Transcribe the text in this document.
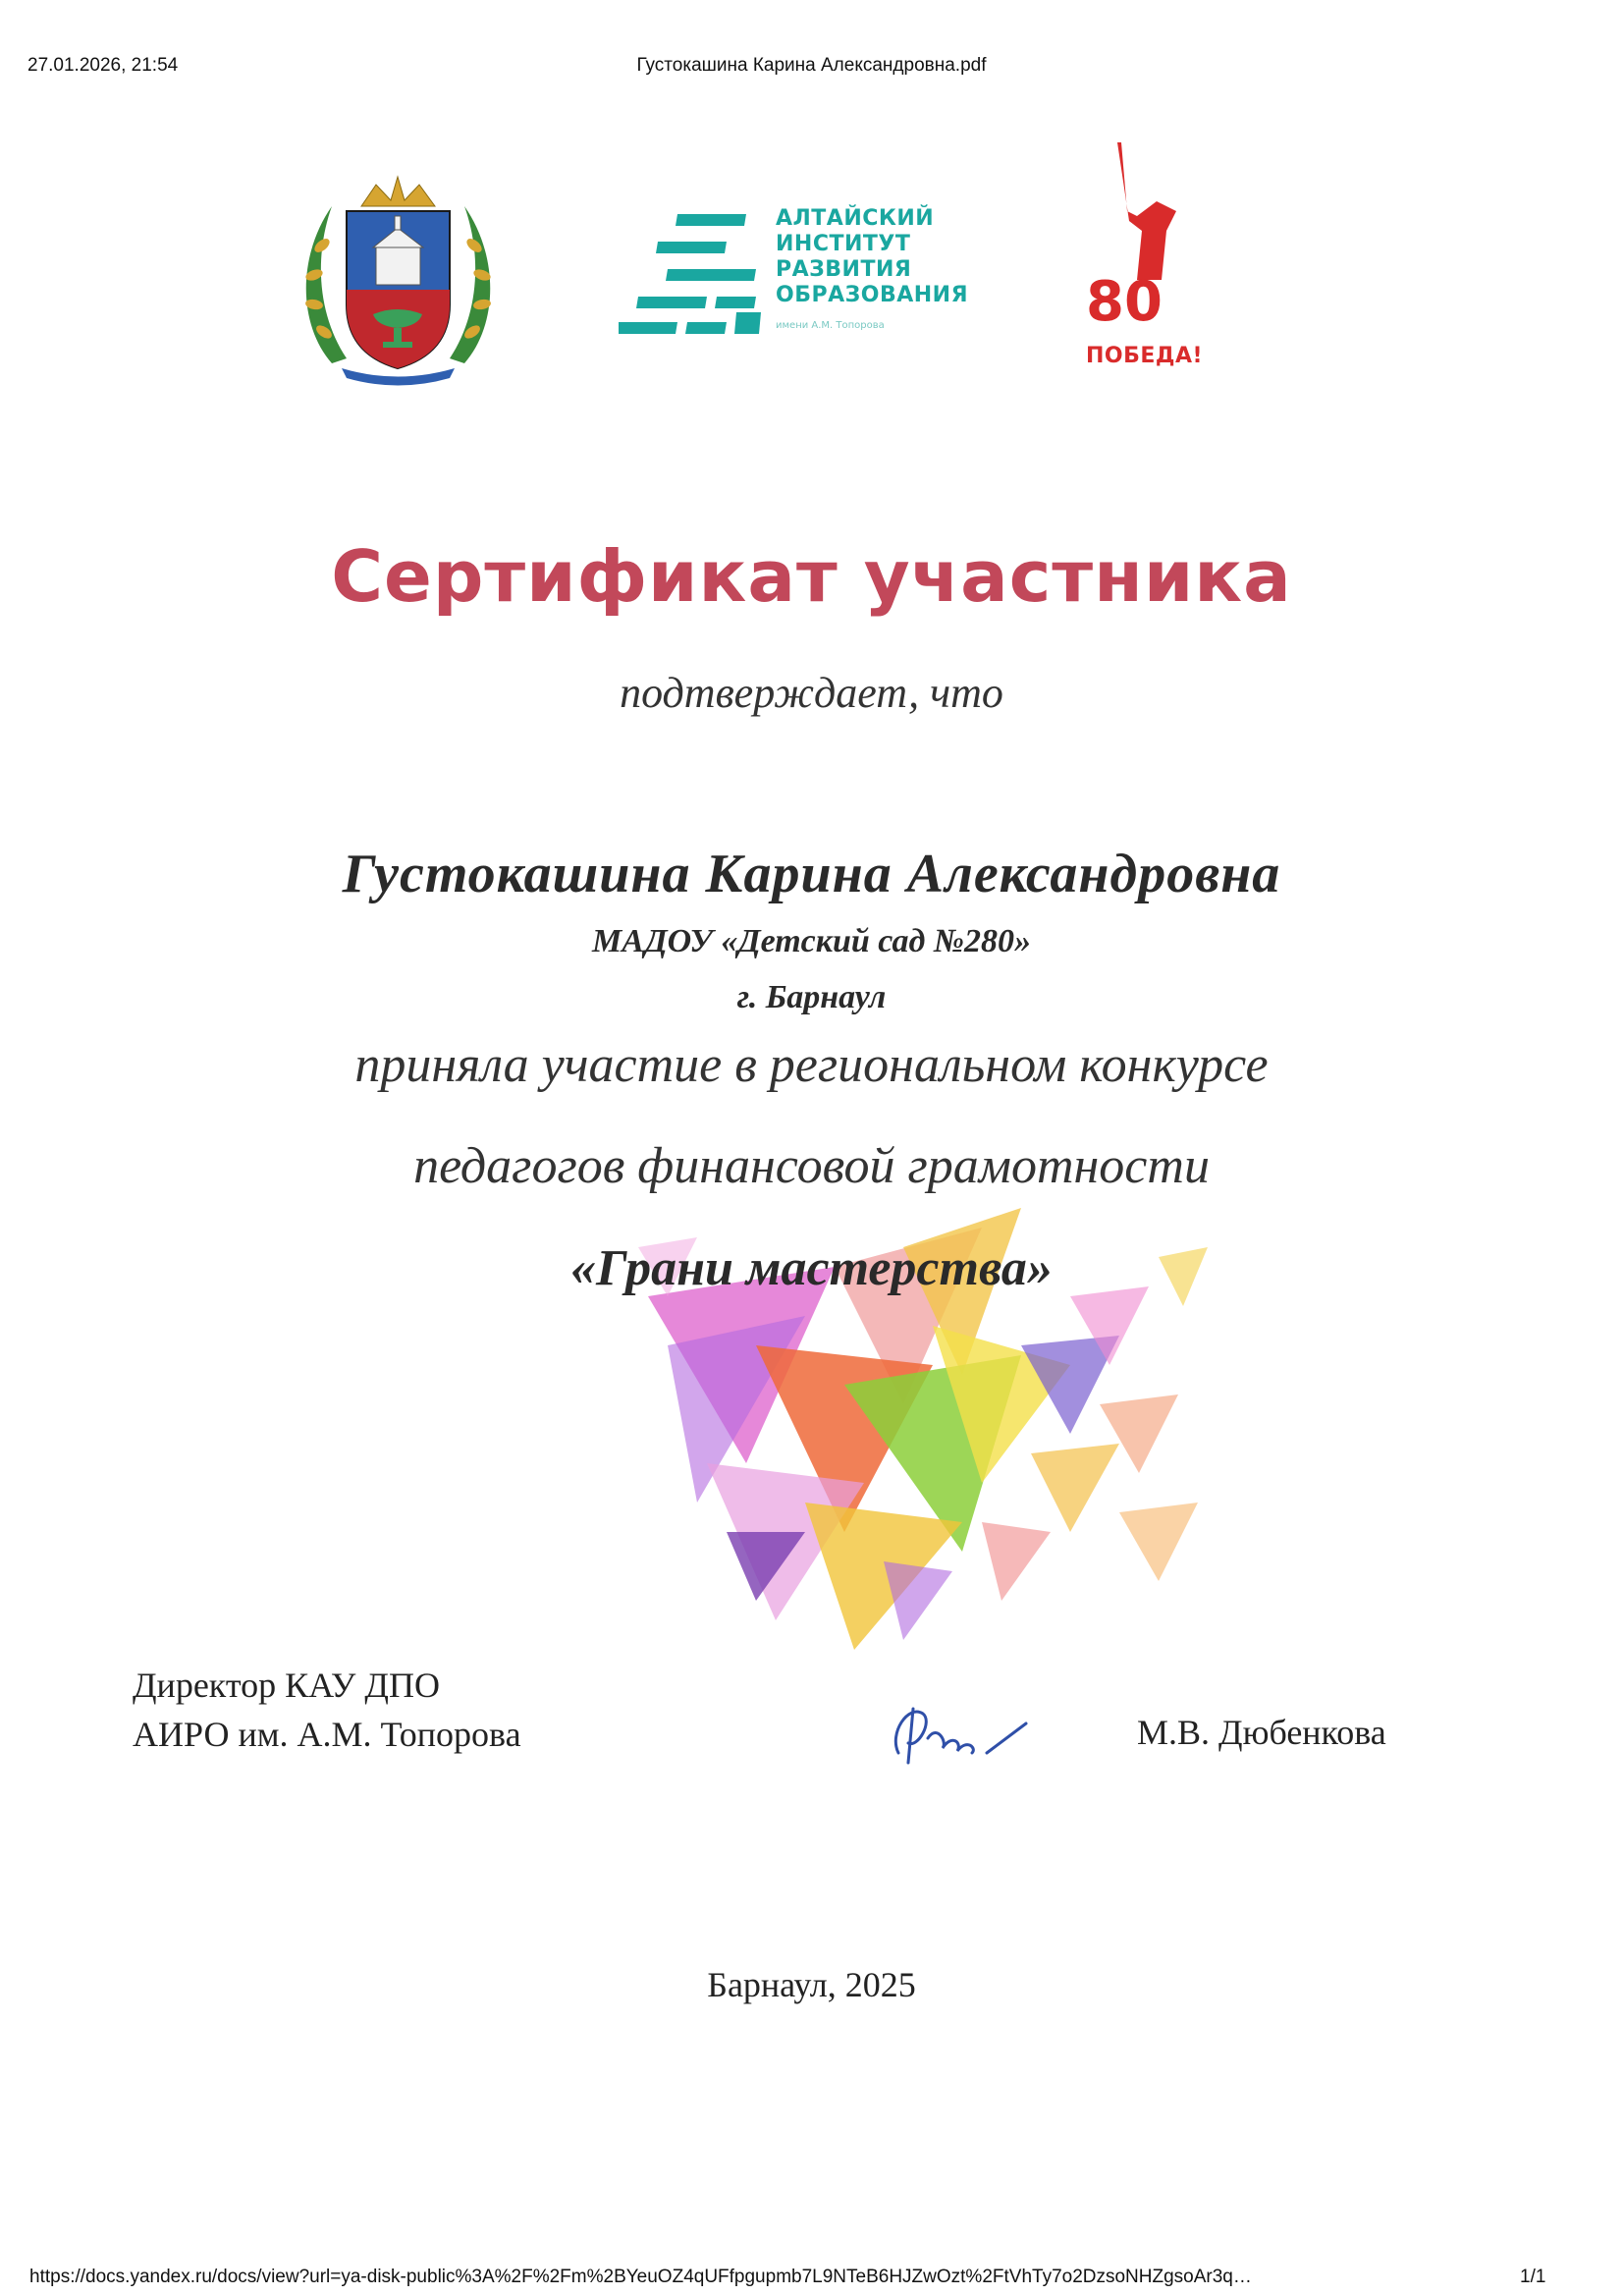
27.01.2026, 21:54	Густокашина Карина Александровна.pdf
АЛТАЙСКИЙ
ИНСТИТУТ
РАЗВИТИЯ
ОБРАЗОВАНИЯ
имени А.М. Топорова	80
ПОБЕДА!
Сертификат участника
подтверждает, что
Густокашина Карина Александровна
МАДОУ «Детский сад №280»
г. Барнаул
приняла участие в региональном конкурсе
педагогов финансовой грамотности
«Грани мастерства»
Директор КАУ ДПО
АИРО им. А.М. Топорова	М.В. Дюбенкова
Барнаул, 2025
https://docs.yandex.ru/docs/view?url=ya-disk-public%3A%2F%2Fm%2BYeuOZ4qUFfpgupmb7L9NTeB6HJZwOzt%2FtVhTy7o2DzsoNHZgsoAr3q…	1/1
